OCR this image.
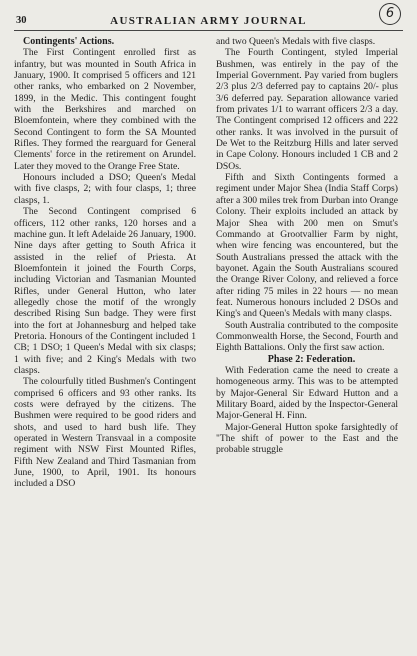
30	AUSTRALIAN ARMY JOURNAL	6

Contingents' Actions.

The First Contingent enrolled first as infantry, but was mounted in South Africa in January, 1900. It comprised 5 officers and 121 other ranks, who embarked on 2 November, 1899, in the Medic. This contingent fought with the Berkshires and marched on Bloemfontein, where they combined with the Second Contingent to form the SA Mounted Rifles. They formed the rearguard for General Clements' force in the retirement on Arundel. Later they moved to the Orange Free State.

Honours included a DSO; Queen's Medal with five clasps, 2; with four clasps, 1; three clasps, 1.

The Second Contingent comprised 6 officers, 112 other ranks, 120 horses and a machine gun. It left Adelaide 26 January, 1900. Nine days after getting to South Africa it assisted in the relief of Priesta. At Bloemfontein it joined the Fourth Corps, including Victorian and Tasmanian Mounted Rifles, under General Hutton, who later allegedly chose the motif of the wrongly described Rising Sun badge. They were first into the fort at Johannesburg and helped take Pretoria. Honours of the Contingent included 1 CB; 1 DSO; 1 Queen's Medal with six clasps; 1 with five; and 2 King's Medals with two clasps.

The colourfully titled Bushmen's Contingent comprised 6 officers and 93 other ranks. Its costs were defrayed by the citizens. The Bushmen were required to be good riders and shots, and used to hard bush life. They operated in Western Transvaal in a composite regiment with NSW First Mounted Rifles, Fifth New Zealand and Third Tasmanian from June, 1900, to April, 1901. Its honours included a DSO

and two Queen's Medals with five clasps.

The Fourth Contingent, styled Imperial Bushmen, was entirely in the pay of the Imperial Government. Pay varied from buglers 2/3 plus 2/3 deferred pay to captains 20/- plus 3/6 deferred pay. Separation allowance varied from privates 1/1 to warrant officers 2/3 a day. The Contingent comprised 12 officers and 222 other ranks. It was involved in the pursuit of De Wet to the Reitzburg Hills and later served in Cape Colony. Honours included 1 CB and 2 DSOs.

Fifth and Sixth Contingents formed a regiment under Major Shea (India Staff Corps) after a 300 miles trek from Durban into Orange Colony. Their exploits included an attack by Major Shea with 200 men on Smut's Commando at Grootvallier Farm by night, when wire fencing was encountered, but the South Australians pressed the attack with the bayonet. Again the South Australians scoured the Orange River Colony, and relieved a force after riding 75 miles in 22 hours — no mean feat. Numerous honours included 2 DSOs and King's and Queen's Medals with many clasps.

South Australia contributed to the composite Commonwealth Horse, the Second, Fourth and Eighth Battalions. Only the first saw action.

Phase 2: Federation.

With Federation came the need to create a homogeneous army. This was to be attempted by Major-General Sir Edward Hutton and a Military Board, aided by the Inspector-General Major-General H. Finn.

Major-General Hutton spoke farsightedly of "The shift of power to the East and the probable struggle
